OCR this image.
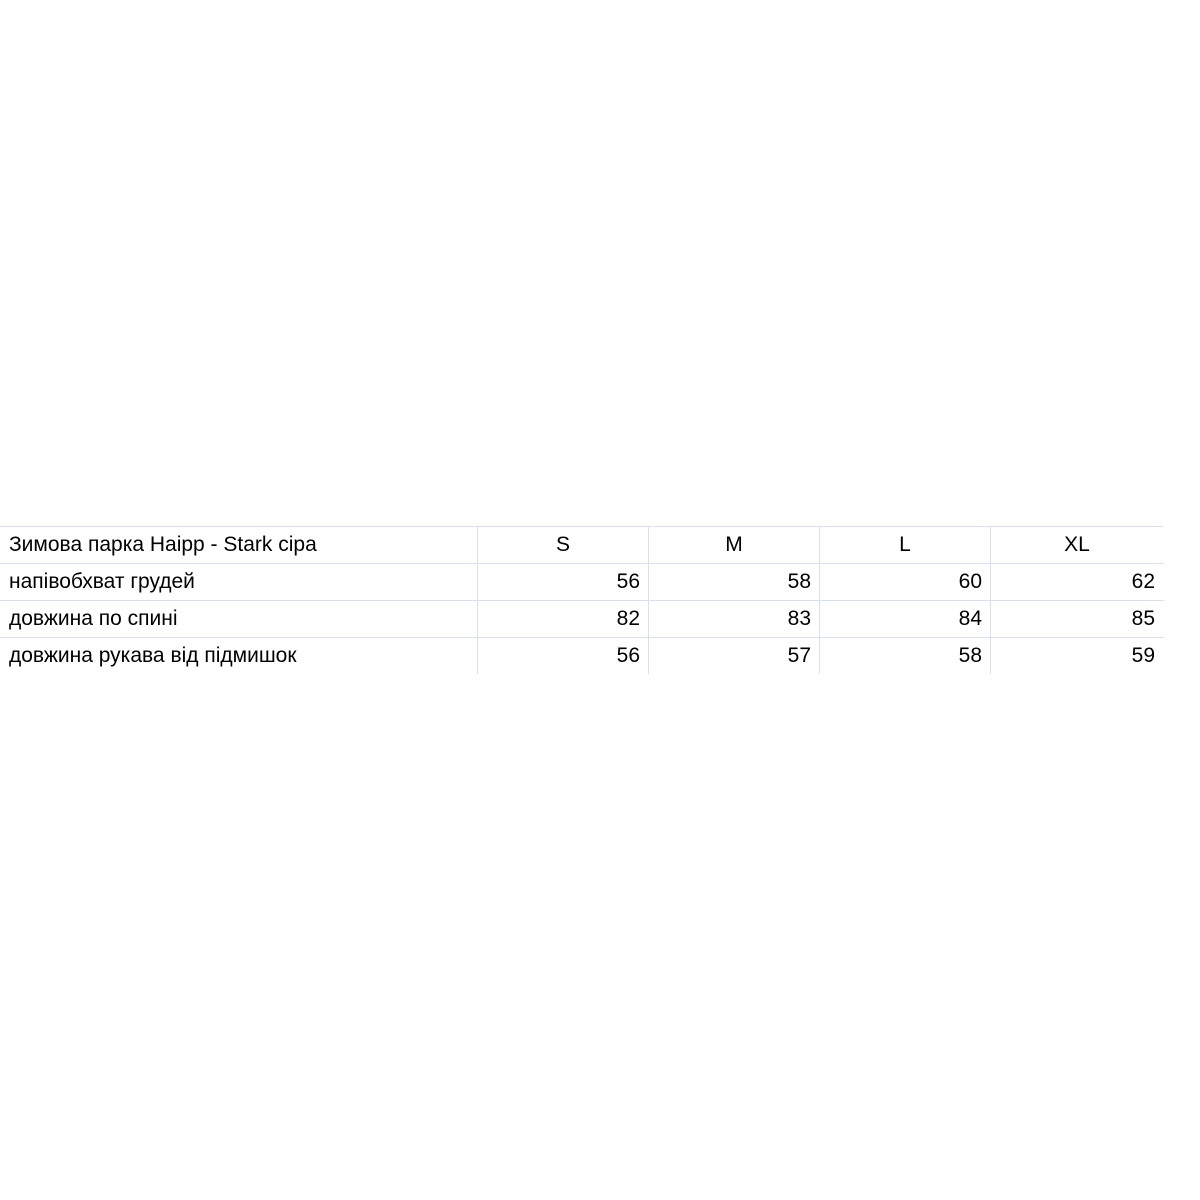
Зимова парка Haipp - Stark сіра	S	M	L	XL
напівобхват грудей	56	58	60	62
довжина по спині	82	83	84	85
довжина рукава від підмишок	56	57	58	59
